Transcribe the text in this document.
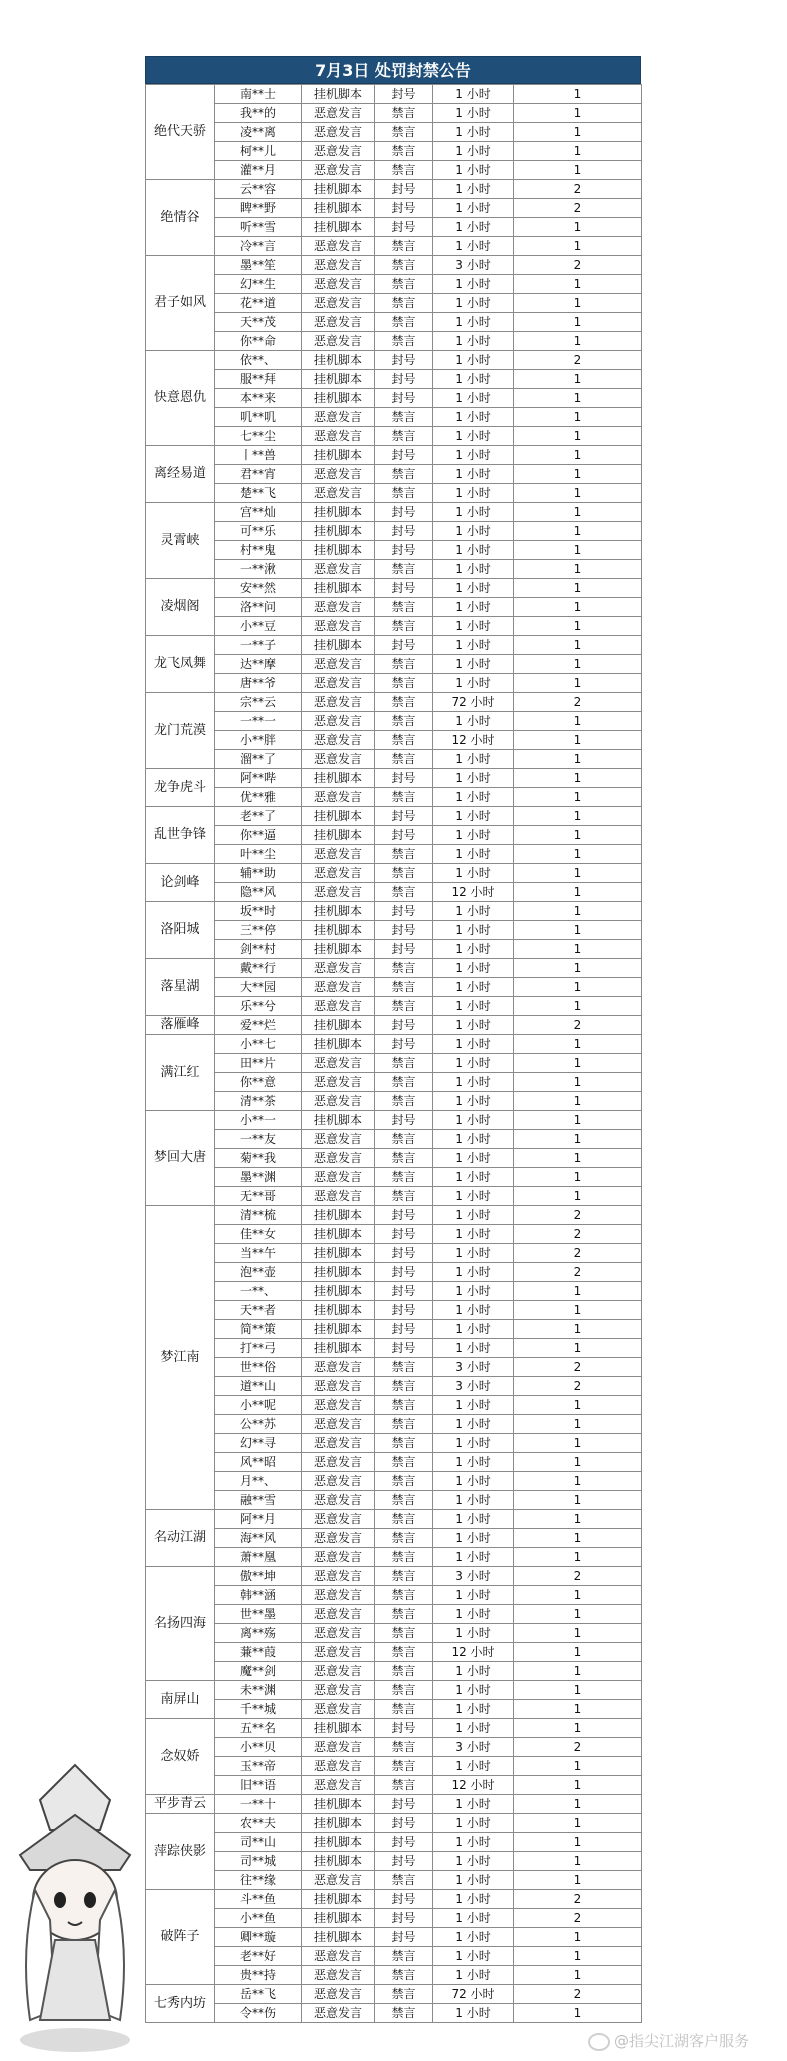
7月3日 处罚封禁公告
绝代天骄	南**士	挂机脚本	封号	1 小时	1
	我**的	恶意发言	禁言	1 小时	1
	凌**离	恶意发言	禁言	1 小时	1
	柯**儿	恶意发言	禁言	1 小时	1
	灌**月	恶意发言	禁言	1 小时	1
绝情谷	云**容	挂机脚本	封号	1 小时	2
	睥**野	挂机脚本	封号	1 小时	2
	听**雪	挂机脚本	封号	1 小时	1
	冷**言	恶意发言	禁言	1 小时	1
君子如风	墨**笙	恶意发言	禁言	3 小时	2
	幻**生	恶意发言	禁言	1 小时	1
	花**道	恶意发言	禁言	1 小时	1
	天**茂	恶意发言	禁言	1 小时	1
	你**命	恶意发言	禁言	1 小时	1
快意恩仇	依**、	挂机脚本	封号	1 小时	2
	服**拜	挂机脚本	封号	1 小时	1
	本**来	挂机脚本	封号	1 小时	1
	叽**叽	恶意发言	禁言	1 小时	1
	七**尘	恶意发言	禁言	1 小时	1
离经易道	丨**兽	挂机脚本	封号	1 小时	1
	君**宵	恶意发言	禁言	1 小时	1
	楚**飞	恶意发言	禁言	1 小时	1
灵霄峡	宫**灿	挂机脚本	封号	1 小时	1
	可**乐	挂机脚本	封号	1 小时	1
	村**鬼	挂机脚本	封号	1 小时	1
	一**湫	恶意发言	禁言	1 小时	1
凌烟阁	安**然	挂机脚本	封号	1 小时	1
	洛**问	恶意发言	禁言	1 小时	1
	小**豆	恶意发言	禁言	1 小时	1
龙飞凤舞	一**子	挂机脚本	封号	1 小时	1
	达**摩	恶意发言	禁言	1 小时	1
	唐**爷	恶意发言	禁言	1 小时	1
龙门荒漠	宗**云	恶意发言	禁言	72 小时	2
	一**一	恶意发言	禁言	1 小时	1
	小**胖	恶意发言	禁言	12 小时	1
	溜**了	恶意发言	禁言	1 小时	1
龙争虎斗	阿**哔	挂机脚本	封号	1 小时	1
	优**雅	恶意发言	禁言	1 小时	1
乱世争锋	老**了	挂机脚本	封号	1 小时	1
	你**逼	挂机脚本	封号	1 小时	1
	叶**尘	恶意发言	禁言	1 小时	1
论剑峰	辅**助	恶意发言	禁言	1 小时	1
	隐**风	恶意发言	禁言	12 小时	1
洛阳城	坂**时	挂机脚本	封号	1 小时	1
	三**停	挂机脚本	封号	1 小时	1
	剑**村	挂机脚本	封号	1 小时	1
落星湖	戴**行	恶意发言	禁言	1 小时	1
	大**园	恶意发言	禁言	1 小时	1
	乐**兮	恶意发言	禁言	1 小时	1
落雁峰	爱**烂	挂机脚本	封号	1 小时	2
满江红	小**七	挂机脚本	封号	1 小时	1
	田**片	恶意发言	禁言	1 小时	1
	你**意	恶意发言	禁言	1 小时	1
	清**茶	恶意发言	禁言	1 小时	1
梦回大唐	小**一	挂机脚本	封号	1 小时	1
	一**友	恶意发言	禁言	1 小时	1
	菊**我	恶意发言	禁言	1 小时	1
	墨**渊	恶意发言	禁言	1 小时	1
	无**哥	恶意发言	禁言	1 小时	1
梦江南	清**梳	挂机脚本	封号	1 小时	2
	佳**女	挂机脚本	封号	1 小时	2
	当**午	挂机脚本	封号	1 小时	2
	泡**壶	挂机脚本	封号	1 小时	2
	一**、	挂机脚本	封号	1 小时	1
	天**者	挂机脚本	封号	1 小时	1
	简**策	挂机脚本	封号	1 小时	1
	打**弓	挂机脚本	封号	1 小时	1
	世**俗	恶意发言	禁言	3 小时	2
	道**山	恶意发言	禁言	3 小时	2
	小**呢	恶意发言	禁言	1 小时	1
	公**苏	恶意发言	禁言	1 小时	1
	幻**寻	恶意发言	禁言	1 小时	1
	风**昭	恶意发言	禁言	1 小时	1
	月**、	恶意发言	禁言	1 小时	1
	融**雪	恶意发言	禁言	1 小时	1
名动江湖	阿**月	恶意发言	禁言	1 小时	1
	海**风	恶意发言	禁言	1 小时	1
	萧**凰	恶意发言	禁言	1 小时	1
名扬四海	傲**坤	恶意发言	禁言	3 小时	2
	韩**涵	恶意发言	禁言	1 小时	1
	世**墨	恶意发言	禁言	1 小时	1
	离**殇	恶意发言	禁言	1 小时	1
	蒹**葭	恶意发言	禁言	12 小时	1
	魔**剑	恶意发言	禁言	1 小时	1
南屏山	未**渊	恶意发言	禁言	1 小时	1
	千**城	恶意发言	禁言	1 小时	1
念奴娇	五**名	挂机脚本	封号	1 小时	1
	小**贝	恶意发言	禁言	3 小时	2
	玉**帝	恶意发言	禁言	1 小时	1
	旧**语	恶意发言	禁言	12 小时	1
平步青云	一**十	挂机脚本	封号	1 小时	1
萍踪侠影	农**夫	挂机脚本	封号	1 小时	1
	司**山	挂机脚本	封号	1 小时	1
	司**城	挂机脚本	封号	1 小时	1
	往**缘	恶意发言	禁言	1 小时	1
破阵子	斗**鱼	挂机脚本	封号	1 小时	2
	小**鱼	挂机脚本	封号	1 小时	2
	卿**璇	挂机脚本	封号	1 小时	1
	老**好	恶意发言	禁言	1 小时	1
	贵**持	恶意发言	禁言	1 小时	1
七秀内坊	岳**飞	恶意发言	禁言	72 小时	2
	令**伤	恶意发言	禁言	1 小时	1
@指尖江湖客户服务
